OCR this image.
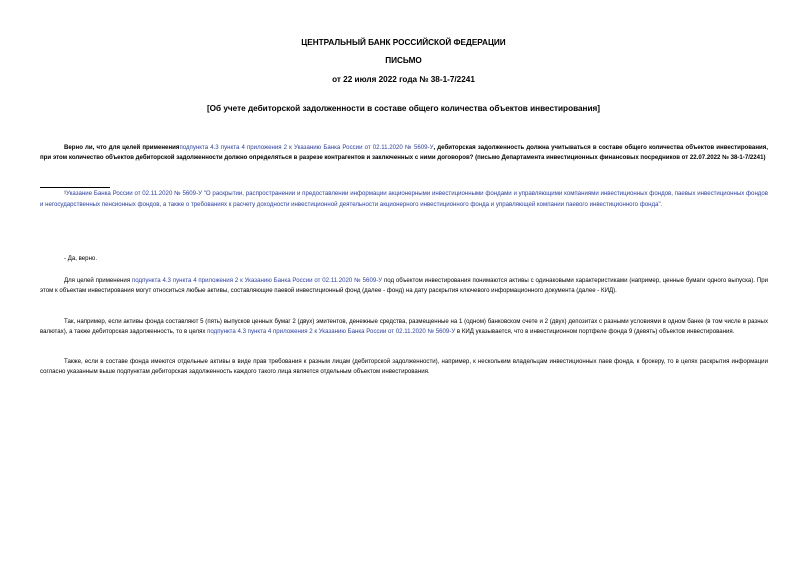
ЦЕНТРАЛЬНЫЙ БАНК РОССИЙСКОЙ ФЕДЕРАЦИИ
ПИСЬМО
от 22 июля 2022 года № 38-1-7/2241
[Об учете дебиторской задолженности в составе общего количества объектов инвестирования]
Верно ли, что для целей примененияподпункта 4.3 пункта 4 приложения 2 к Указанию Банка России от 02.11.2020 № 5609-У, дебиторская задолженность должна учитываться в составе общего количества объектов инвестирования, при этом количество объектов дебиторской задолженности должно определяться в разрезе контрагентов и заключенных с ними договоров? (письмо Департамента инвестиционных финансовых посредников от 22.07.2022 № 38-1-7/2241)
¹Указание Банка России от 02.11.2020 № 5609-У "О раскрытии, распространении и предоставлении информации акционерными инвестиционными фондами и управляющими компаниями инвестиционных фондов, паевых инвестиционных фондов и негосударственных пенсионных фондов, а также о требованиях к расчету доходности инвестиционной деятельности акционерного инвестиционного фонда и управляющей компании паевого инвестиционного фонда".
- Да, верно.
Для целей применения подпункта 4.3 пункта 4 приложения 2 к Указанию Банка России от 02.11.2020 № 5609-У под объектом инвестирования понимаются активы с одинаковыми характеристиками (например, ценные бумаги одного выпуска). При этом к объектам инвестирования могут относиться любые активы, составляющие паевой инвестиционный фонд (далее - фонд) на дату раскрытия ключевого информационного документа (далее - КИД).
Так, например, если активы фонда составляют 5 (пять) выпусков ценных бумаг 2 (двух) эмитентов, денежные средства, размещенные на 1 (одном) банковском счете и 2 (двух) депозитах с разными условиями в одном банке (в том числе в разных валютах), а также дебиторская задолженность, то в целях подпункта 4.3 пункта 4 приложения 2 к Указанию Банка России от 02.11.2020 № 5609-У в КИД указывается, что в инвестиционном портфеле фонда 9 (девять) объектов инвестирования.
Также, если в составе фонда имеются отдельные активы в виде прав требования к разным лицам (дебиторской задолженности), например, к нескольким владельцам инвестиционных паев фонда, к брокеру, то в целях раскрытия информации согласно указанным выше подпунктам дебиторская задолженность каждого такого лица является отдельным объектом инвестирования.
